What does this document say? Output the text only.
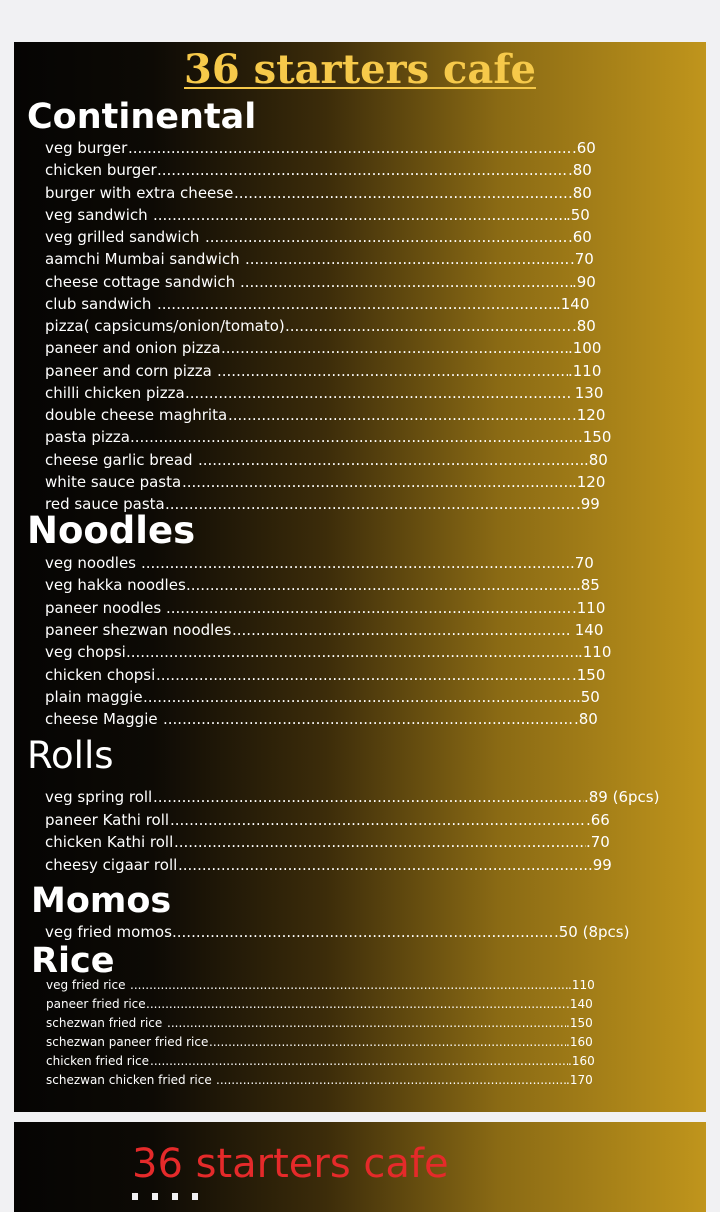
36 starters cafe
Continental
veg burger .....	.60
chicken burger .....	.80
burger with extra cheese .....	.80
veg sandwich .....	.50
veg grilled sandwich .....	.60
aamchi Mumbai sandwich .....	.70
cheese cottage sandwich .....	.90
club sandwich .....	.140
pizza( capsicums/onion/tomato) .....	.80
paneer and onion pizza .....	.100
paneer and corn pizza .....	.110
chilli chicken pizza .....	130
double cheese maghrita .....	.120
pasta pizza .....	.150
cheese garlic bread .....	.80
white sauce pasta .....	.120
red sauce pasta .....	.99
Noodles
veg noodles .....	.70
veg hakka noodles .....	.85
paneer noodles .....	.110
paneer shezwan noodles .....	140
veg chopsi .....	.110
chicken chopsi .....	.150
plain maggie .....	.50
cheese Maggie .....	.80
Rolls
veg spring roll .....	.89 (6pcs)
paneer Kathi roll .....	.66
chicken Kathi roll .....	.70
cheesy cigaar roll .....	.99
Momos
veg fried momos .....	.50 (8pcs)
Rice
veg fried rice .....	.110
paneer fried rice .....	.140
schezwan fried rice .....	.150
schezwan paneer fried rice .....	.160
chicken fried rice .....	.160
schezwan chicken fried rice .....	.170
36 starters cafe
